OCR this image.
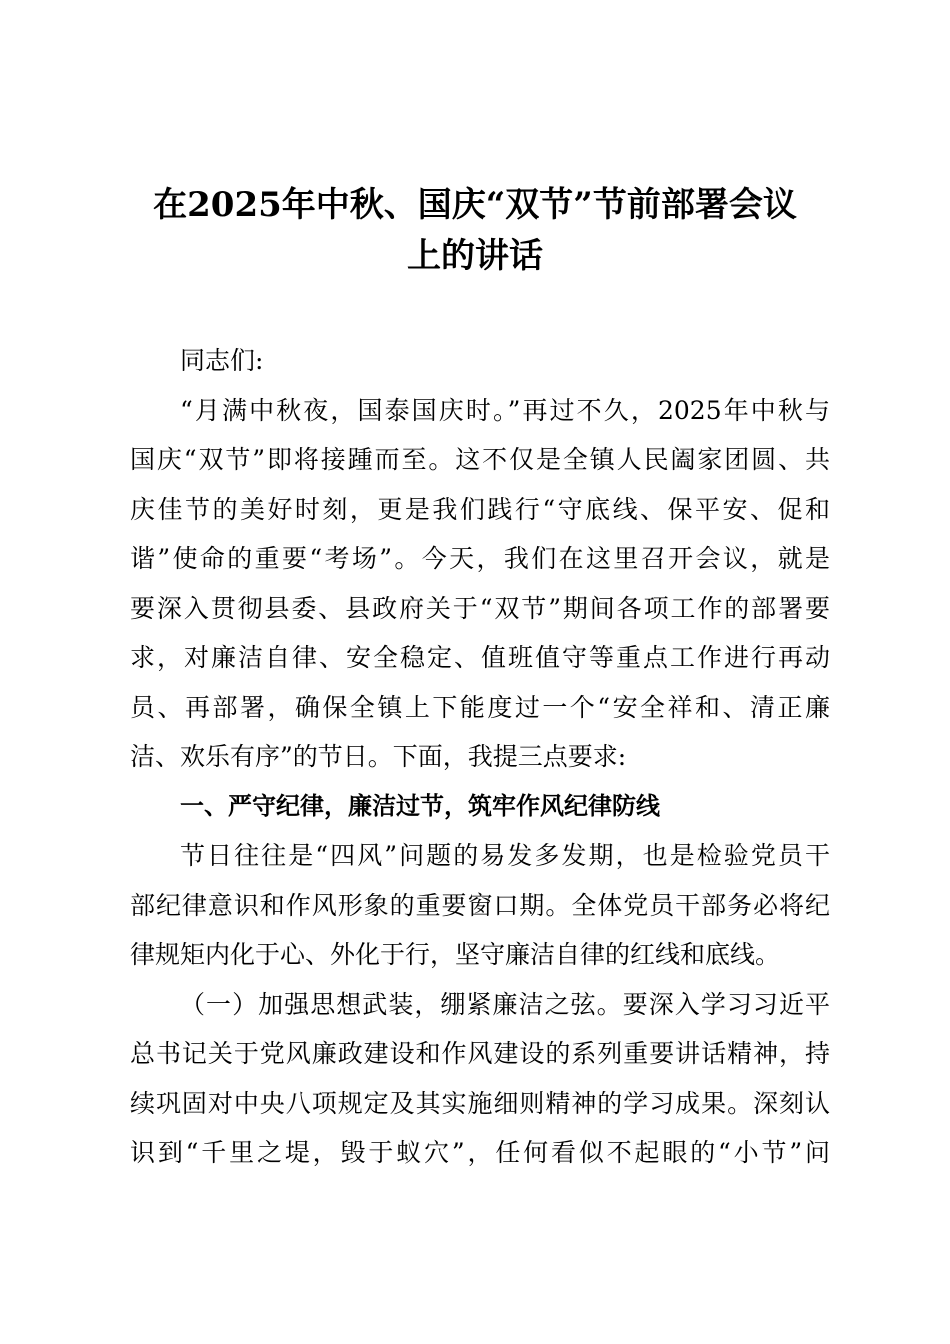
在2025年中秋、国庆“双节”节前部署会议
上的讲话
同志们:
“月满中秋夜，国泰国庆时。”再过不久，2025年中秋与
国庆“双节”即将接踵而至。这不仅是全镇人民阖家团圆、共
庆佳节的美好时刻，更是我们践行“守底线、保平安、促和
谐”使命的重要“考场”。今天，我们在这里召开会议，就是
要深入贯彻县委、县政府关于“双节”期间各项工作的部署要
求，对廉洁自律、安全稳定、值班值守等重点工作进行再动
员、再部署，确保全镇上下能度过一个“安全祥和、清正廉
洁、欢乐有序”的节日。下面，我提三点要求:
一、严守纪律，廉洁过节，筑牢作风纪律防线
节日往往是“四风”问题的易发多发期，也是检验党员干
部纪律意识和作风形象的重要窗口期。全体党员干部务必将纪
律规矩内化于心、外化于行，坚守廉洁自律的红线和底线。
（一）加强思想武装，绷紧廉洁之弦。要深入学习习近平
总书记关于党风廉政建设和作风建设的系列重要讲话精神，持
续巩固对中央八项规定及其实施细则精神的学习成果。深刻认
识到“千里之堤，毁于蚁穴”，任何看似不起眼的“小节”问
